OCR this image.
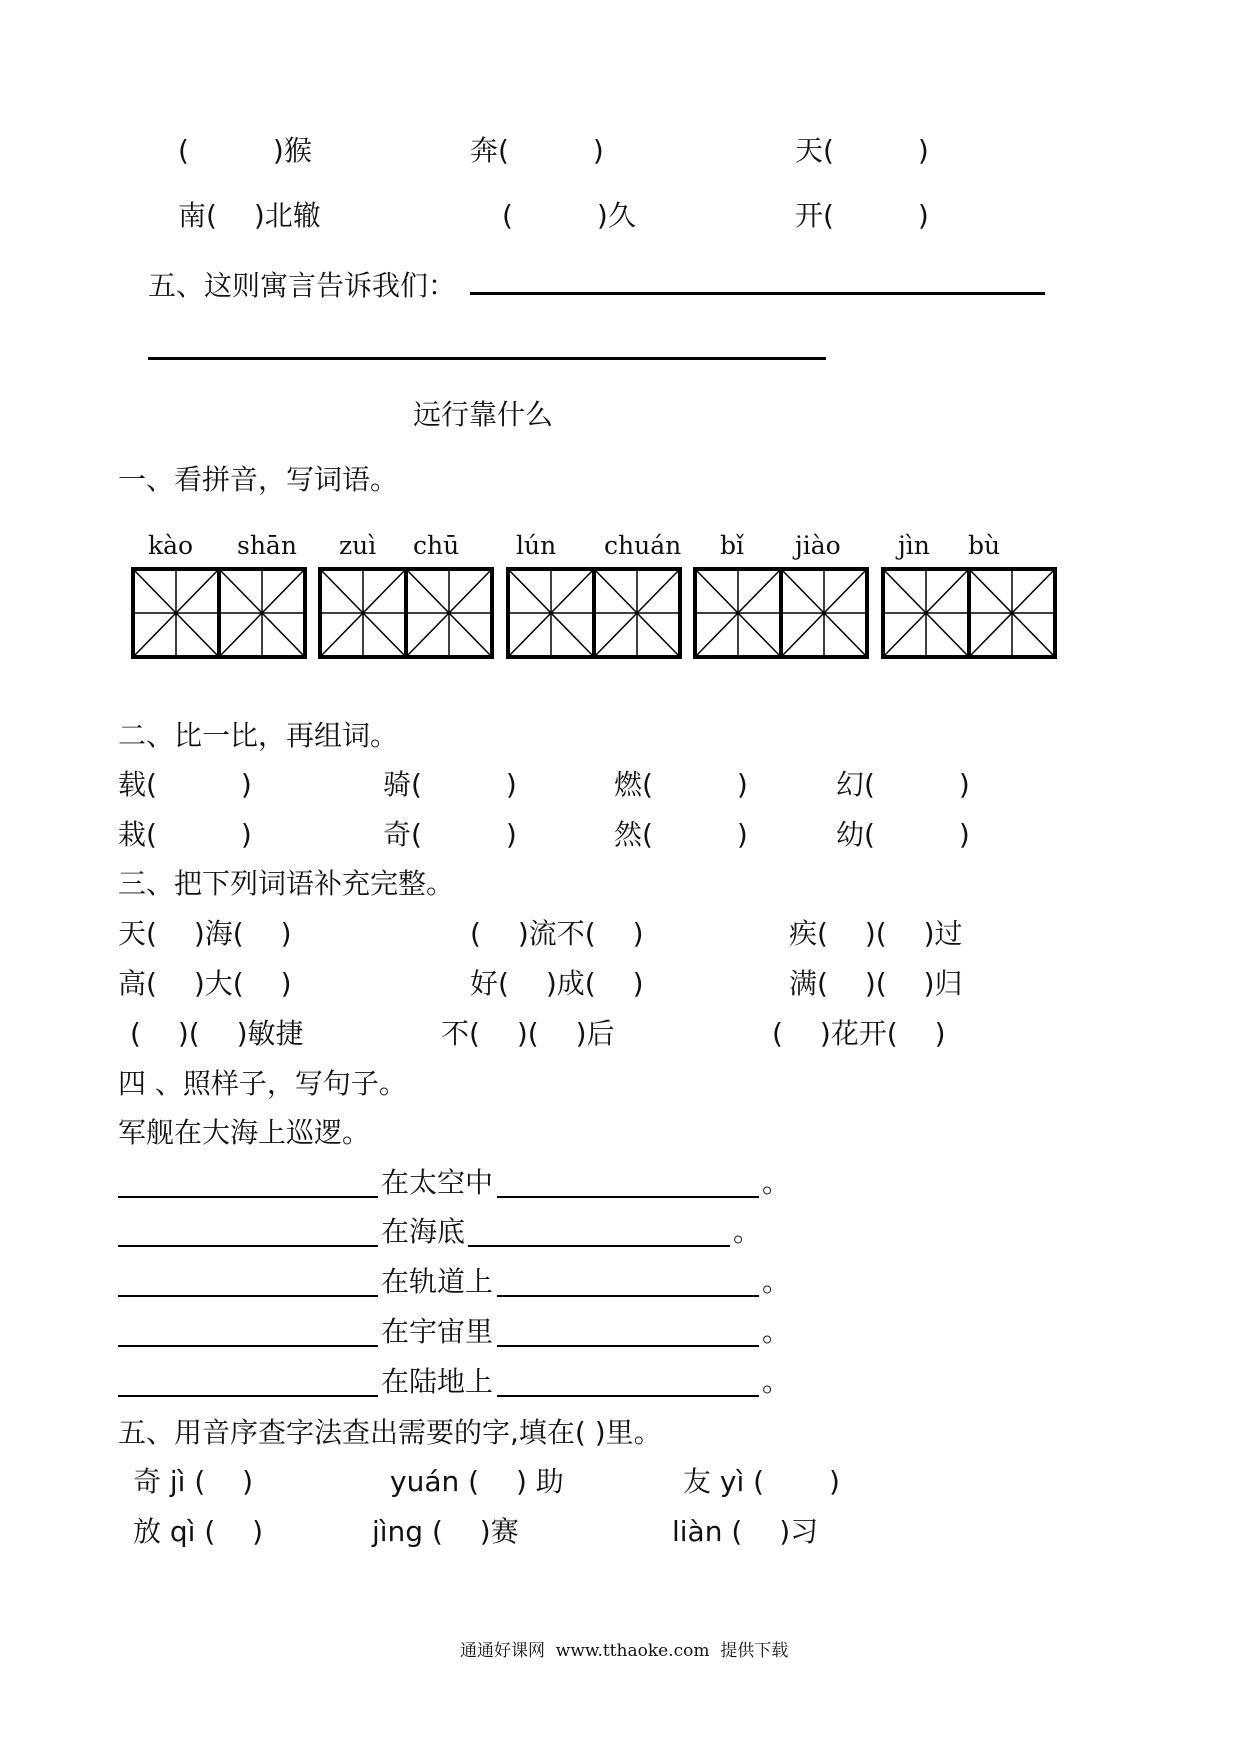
(　　　)猴	奔(　　　)	天(　　　)
南(　 )北辙	(　　　)久	开(　　　)
五、这则寓言告诉我们：
远行靠什么
一、看拼音，写词语。
kào shān zuì chū lún chuán bǐ jiào jìn bù
二、比一比，再组词。
载(　　　)	骑(　　　)	燃(　　　)	幻(　　　)
栽(　　　)	奇(　　　)	然(　　　)	幼(　　　)
三、把下列词语补充完整。
天(　 )海(　 )	(　 )流不(　 )	疾(　 )(　 )过
高(　 )大(　 )	好(　 )成(　 )	满(　 )(　 )归
(　 )(　 )敏捷	不(　 )(　 )后	(　 )花开(　 )
四 、照样子，写句子。
军舰在大海上巡逻。
在太空中	。
在海底	。
在轨道上	。
在宇宙里	。
在陆地上	。
五、用音序查字法查出需要的字,填在( )里。
奇 jì (　 )	yuán (　 ) 助	友 yì (　　 )
放 qì (　 )	jìng (　 )赛	liàn (　 )习
通通好课网  www.tthaoke.com  提供下载
